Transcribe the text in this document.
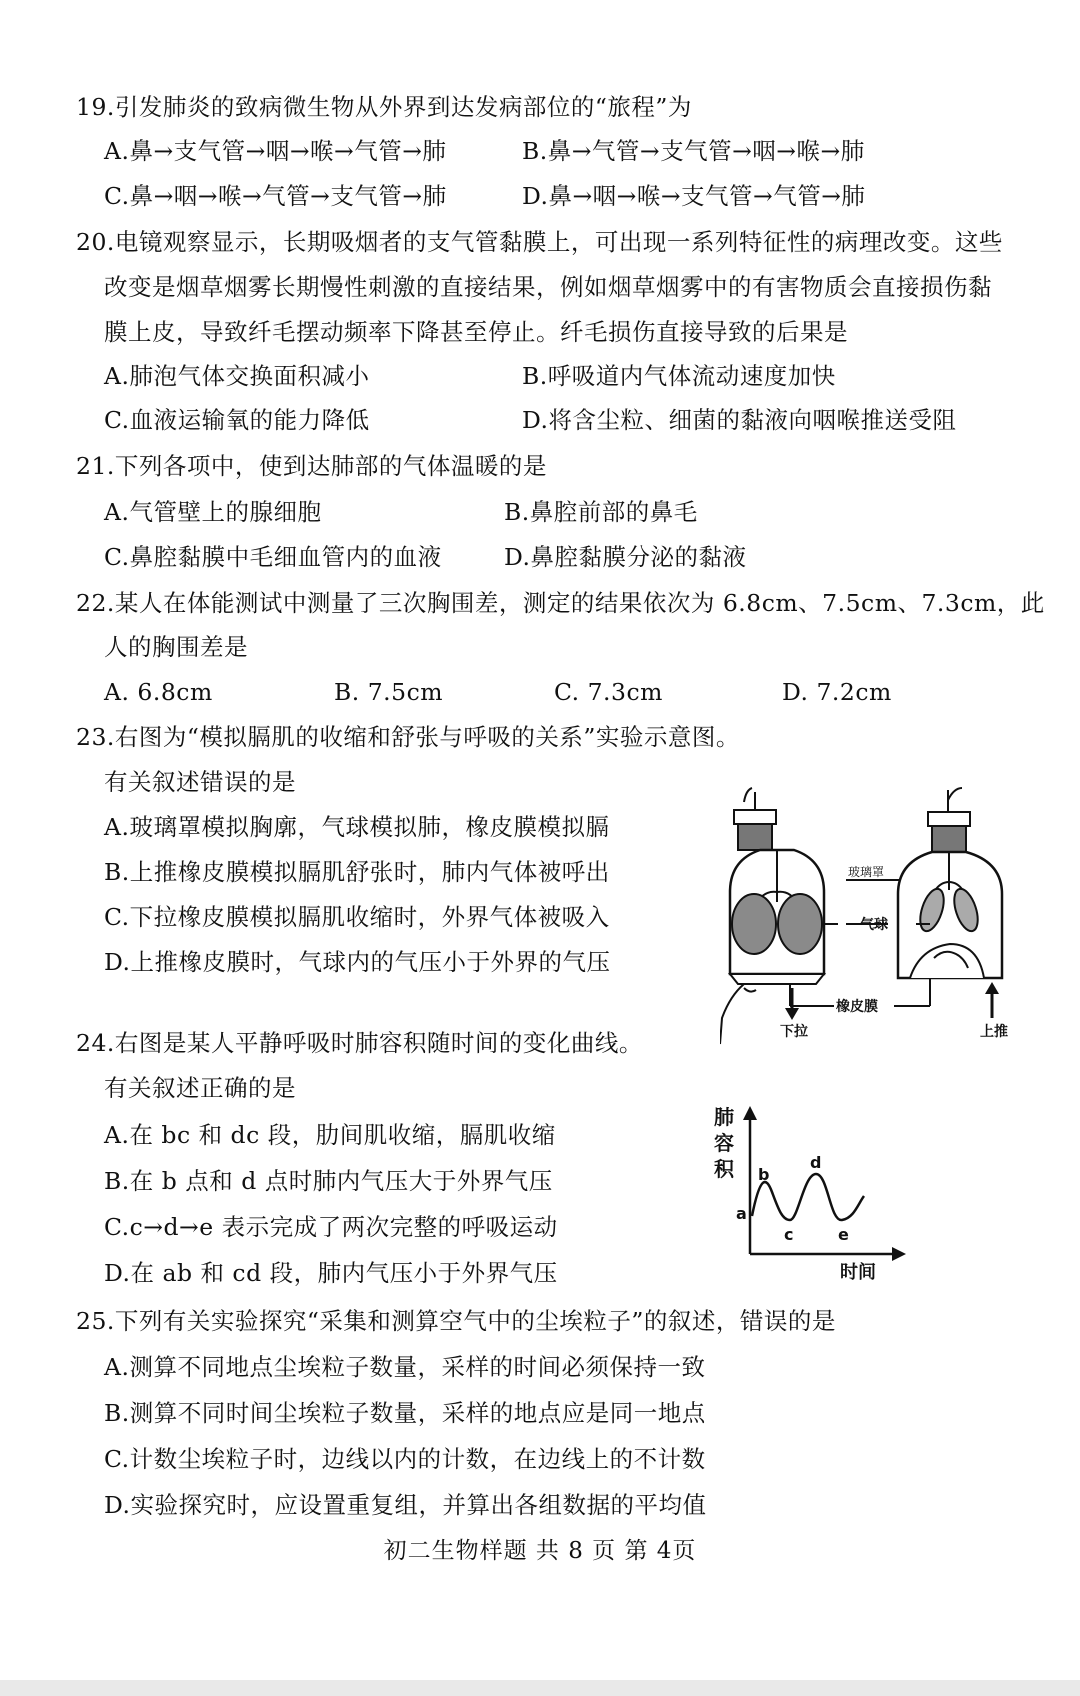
19.引发肺炎的致病微生物从外界到达发病部位的“旅程”为
A.鼻→支气管→咽→喉→气管→肺	B.鼻→气管→支气管→咽→喉→肺
C.鼻→咽→喉→气管→支气管→肺	D.鼻→咽→喉→支气管→气管→肺
20.电镜观察显示，长期吸烟者的支气管黏膜上，可出现一系列特征性的病理改变。这些
改变是烟草烟雾长期慢性刺激的直接结果，例如烟草烟雾中的有害物质会直接损伤黏
膜上皮，导致纤毛摆动频率下降甚至停止。纤毛损伤直接导致的后果是
A.肺泡气体交换面积减小	B.呼吸道内气体流动速度加快
C.血液运输氧的能力降低	D.将含尘粒、细菌的黏液向咽喉推送受阻
21.下列各项中，使到达肺部的气体温暖的是
A.气管壁上的腺细胞	B.鼻腔前部的鼻毛
C.鼻腔黏膜中毛细血管内的血液	D.鼻腔黏膜分泌的黏液
22.某人在体能测试中测量了三次胸围差，测定的结果依次为 6.8cm、7.5cm、7.3cm，此
人的胸围差是
A. 6.8cm	B. 7.5cm	C. 7.3cm	D. 7.2cm
23.右图为“模拟膈肌的收缩和舒张与呼吸的关系”实验示意图。
有关叙述错误的是
A.玻璃罩模拟胸廓，气球模拟肺，橡皮膜模拟膈
B.上推橡皮膜模拟膈肌舒张时，肺内气体被呼出
C.下拉橡皮膜模拟膈肌收缩时，外界气体被吸入
D.上推橡皮膜时，气球内的气压小于外界的气压
玻璃罩
气球
橡皮膜
下拉	上推
24.右图是某人平静呼吸时肺容积随时间的变化曲线。
有关叙述正确的是
A.在 bc 和 dc 段，肋间肌收缩，膈肌收缩
B.在 b 点和 d 点时肺内气压大于外界气压
C.c→d→e 表示完成了两次完整的呼吸运动
D.在 ab 和 cd 段，肺内气压小于外界气压
肺
容
积
a
b
c
d
e
时间
25.下列有关实验探究“采集和测算空气中的尘埃粒子”的叙述，错误的是
A.测算不同地点尘埃粒子数量，采样的时间必须保持一致
B.测算不同时间尘埃粒子数量，采样的地点应是同一地点
C.计数尘埃粒子时，边线以内的计数，在边线上的不计数
D.实验探究时，应设置重复组，并算出各组数据的平均值
初二生物样题 共 8 页 第 4页
